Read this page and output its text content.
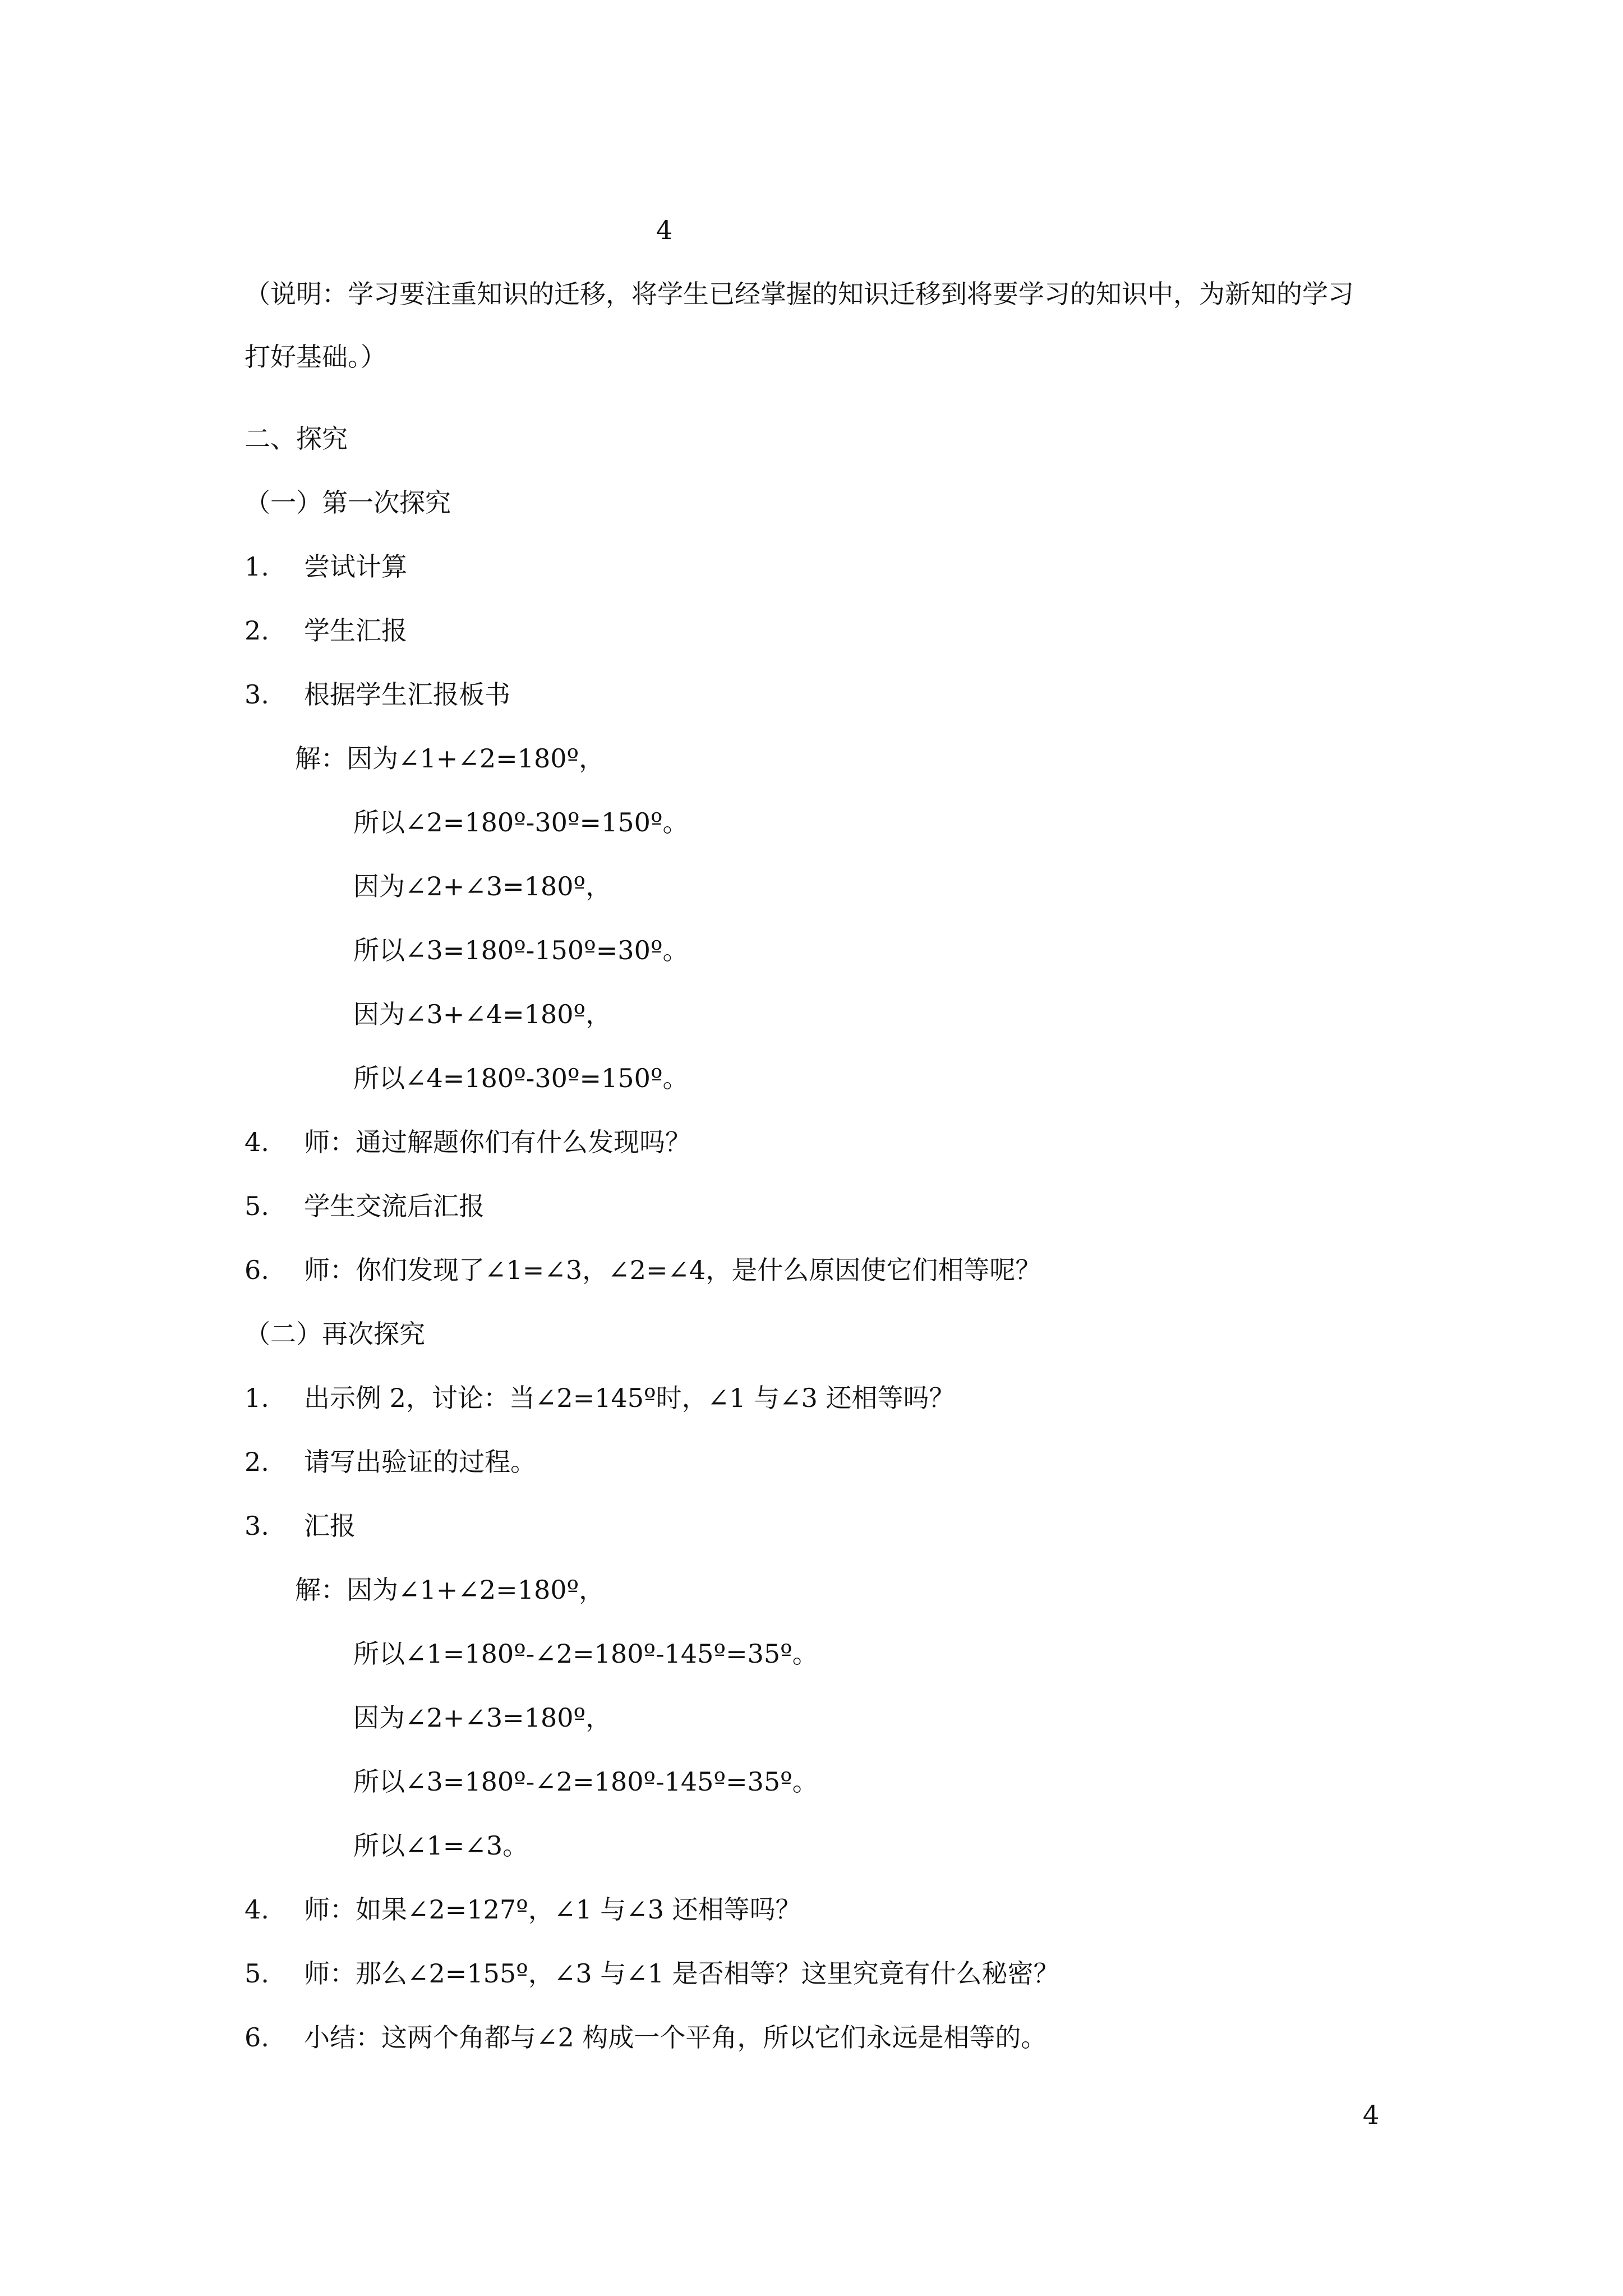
4
（说明：学习要注重知识的迁移，将学生已经掌握的知识迁移到将要学习的知识中，为新知的学习打好基础。）
二、探究
（一）第一次探究
1. 尝试计算
2. 学生汇报
3. 根据学生汇报板书
解：因为∠1+∠2=180º，
所以∠2=180º-30º=150º。
因为∠2+∠3=180º，
所以∠3=180º-150º=30º。
因为∠3+∠4=180º，
所以∠4=180º-30º=150º。
4. 师：通过解题你们有什么发现吗？
5. 学生交流后汇报
6. 师：你们发现了∠1=∠3，∠2=∠4，是什么原因使它们相等呢？
（二）再次探究
1. 出示例 2，讨论：当∠2=145º时，∠1 与∠3 还相等吗？
2. 请写出验证的过程。
3. 汇报
解：因为∠1+∠2=180º，
所以∠1=180º-∠2=180º-145º=35º。
因为∠2+∠3=180º，
所以∠3=180º-∠2=180º-145º=35º。
所以∠1=∠3。
4. 师：如果∠2=127º，∠1 与∠3 还相等吗？
5. 师：那么∠2=155º，∠3 与∠1 是否相等？这里究竟有什么秘密？
6. 小结：这两个角都与∠2 构成一个平角，所以它们永远是相等的。
4
